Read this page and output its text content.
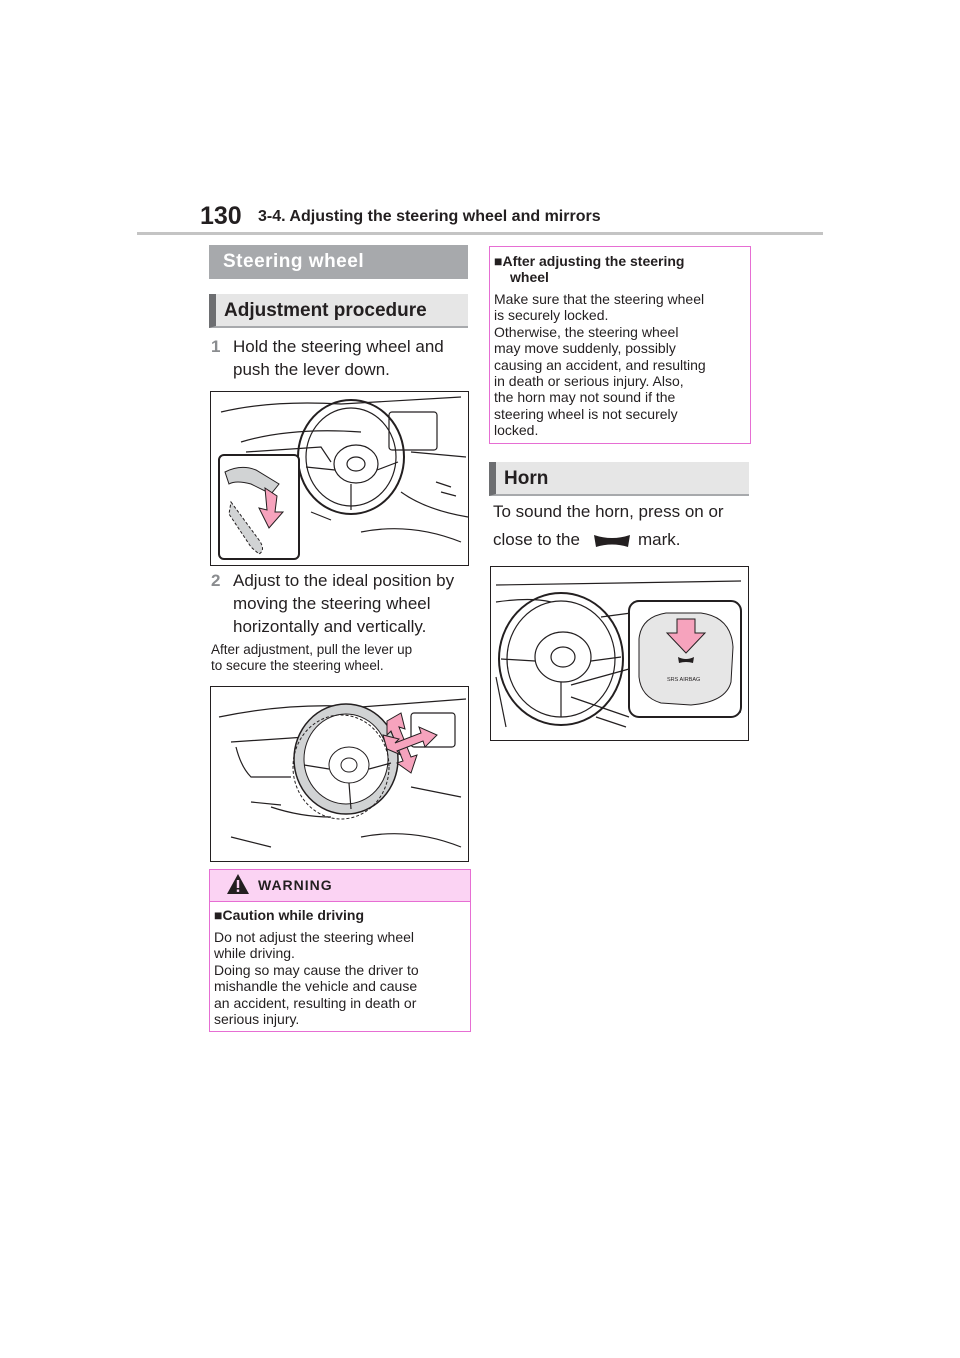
130 3-4. Adjusting the steering wheel and mirrors
Steering wheel
Adjustment procedure
1 Hold the steering wheel and
push the lever down.
2 Adjust to the ideal position by
moving the steering wheel
horizontally and vertically.
After adjustment, pull the lever up
to secure the steering wheel.
WARNING
■Caution while driving
Do not adjust the steering wheel
while driving.
Doing so may cause the driver to
mishandle the vehicle and cause
an accident, resulting in death or
serious injury.
■After adjusting the steering
wheel
Make sure that the steering wheel
is securely locked.
Otherwise, the steering wheel
may move suddenly, possibly
causing an accident, and resulting
in death or serious injury. Also,
the horn may not sound if the
steering wheel is not securely
locked.
Horn
To sound the horn, press on or
close to the	mark.
SRS AIRBAG
